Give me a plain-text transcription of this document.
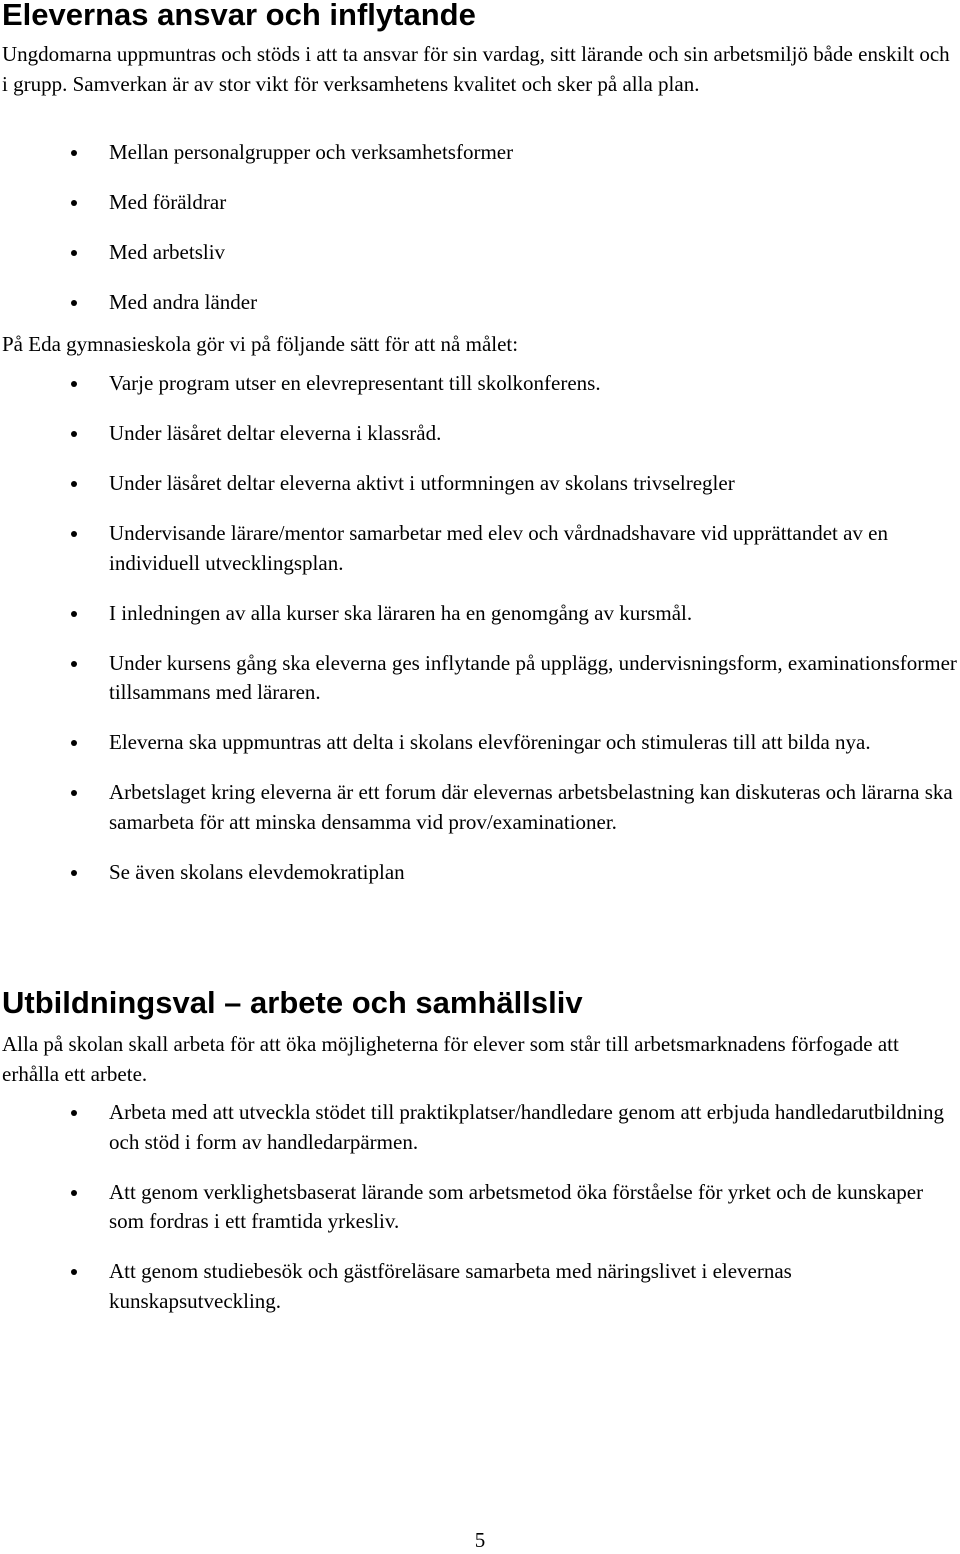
Elevernas ansvar och inflytande

Ungdomarna uppmuntras och stöds i att ta ansvar för sin vardag, sitt lärande och sin arbetsmiljö både enskilt och i grupp. Samverkan är av stor vikt för verksamhetens kvalitet och sker på alla plan.

Mellan personalgrupper och verksamhetsformer
Med föräldrar
Med arbetsliv
Med andra länder

På Eda gymnasieskola gör vi på följande sätt för att nå målet:

Varje program utser en elevrepresentant till skolkonferens.
Under läsåret deltar eleverna i klassråd.
Under läsåret deltar eleverna aktivt i utformningen av skolans trivselregler
Undervisande lärare/mentor samarbetar med elev och vårdnadshavare vid upprättandet av en individuell utvecklingsplan.
I inledningen av alla kurser ska läraren ha en genomgång av kursmål.
Under kursens gång ska eleverna ges inflytande på upplägg, undervisningsform, examinationsformer tillsammans med läraren.
Eleverna ska uppmuntras att delta i skolans elevföreningar och stimuleras till att bilda nya.
Arbetslaget kring eleverna är ett forum där elevernas arbetsbelastning kan diskuteras och lärarna ska samarbeta för att minska densamma vid prov/examinationer.
Se även skolans elevdemokratiplan
Utbildningsval – arbete och samhällsliv

Alla på skolan skall arbeta för att öka möjligheterna för elever som står till arbetsmarknadens förfogade att erhålla ett arbete.

Arbeta med att utveckla stödet till praktikplatser/handledare genom att erbjuda handledarutbildning och stöd i form av handledarpärmen.
Att genom verklighetsbaserat lärande som arbetsmetod öka förståelse för yrket och de kunskaper som fordras i ett framtida yrkesliv.
Att genom studiebesök och gästföreläsare samarbeta med näringslivet i elevernas kunskapsutveckling.
5
